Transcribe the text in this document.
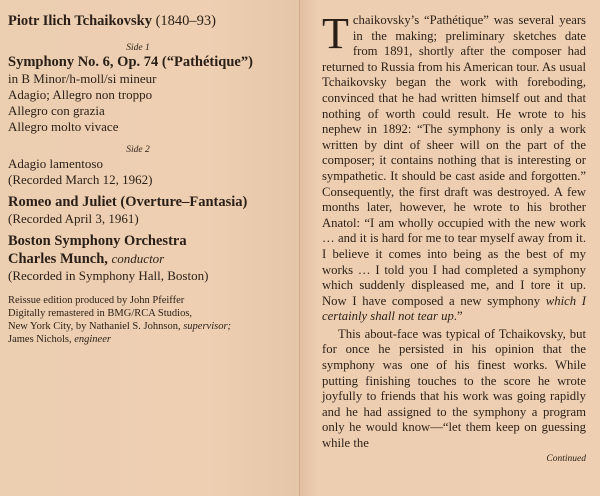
Piotr Ilich Tchaikovsky (1840–93)
Side 1
Symphony No. 6, Op. 74 (“Pathétique”)
in B Minor/h-moll/si mineur
Adagio; Allegro non troppo
Allegro con grazia
Allegro molto vivace
Side 2
Adagio lamentoso
(Recorded March 12, 1962)
Romeo and Juliet (Overture–Fantasia)
(Recorded April 3, 1961)
Boston Symphony Orchestra
Charles Munch, conductor
(Recorded in Symphony Hall, Boston)
Reissue edition produced by John Pfeiffer
Digitally remastered in BMG/RCA Studios,
New York City, by Nathaniel S. Johnson, supervisor;
James Nichols, engineer
Tchaikovsky’s “Pathétique” was several years in the making; preliminary sketches date from 1891, shortly after the composer had returned to Russia from his American tour. As usual Tchaikovsky began the work with foreboding, convinced that he had written himself out and that nothing of worth could result. He wrote to his nephew in 1892: “The symphony is only a work written by dint of sheer will on the part of the composer; it contains nothing that is interesting or sympathetic. It should be cast aside and forgotten.” Consequently, the first draft was destroyed. A few months later, however, he wrote to his brother Anatol: “I am wholly occupied with the new work … and it is hard for me to tear myself away from it. I believe it comes into being as the best of my works … I told you I had completed a symphony which suddenly displeased me, and I tore it up. Now I have composed a new symphony which I certainly shall not tear up.”
This about-face was typical of Tchaikovsky, but for once he persisted in his opinion that the symphony was one of his finest works. While putting finishing touches to the score he wrote joyfully to friends that his work was going rapidly and he had assigned to the symphony a program only he would know—“let them keep on guessing while the
Continued
